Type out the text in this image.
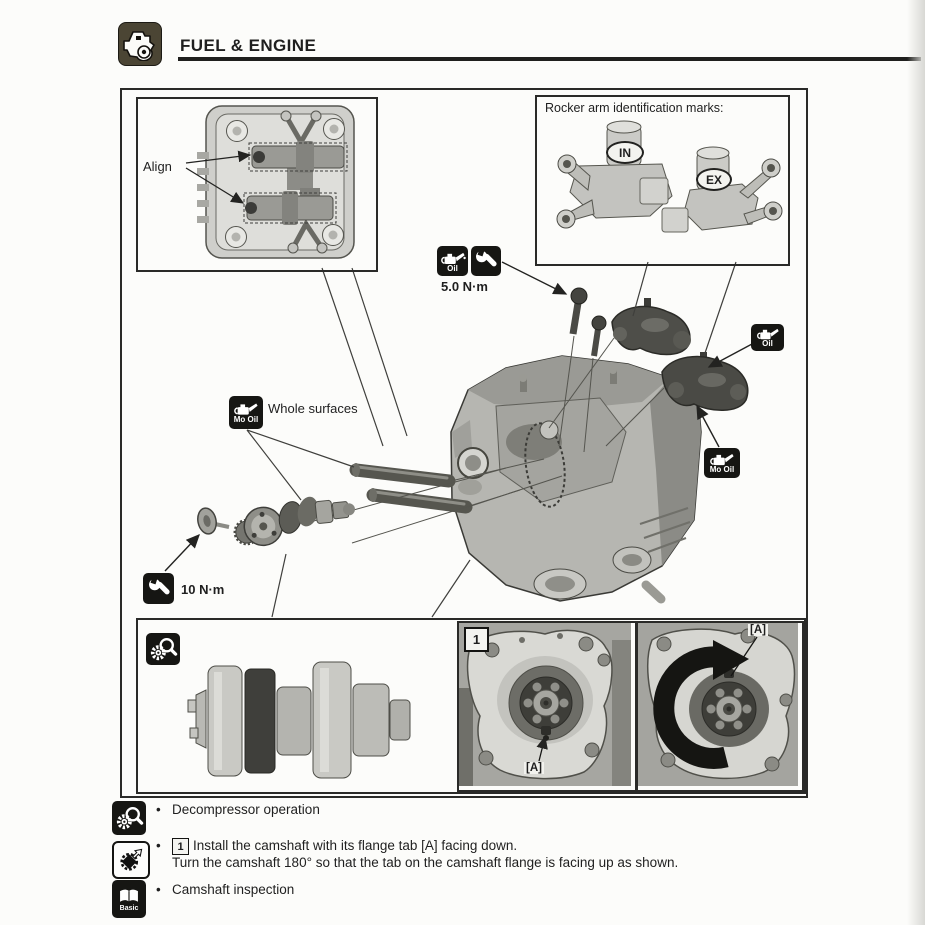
FUEL & ENGINE
Align
Rocker arm identification marks:
IN
EX
Oil
5.0 N·m
Oil
Mo Oil
Mo Oil
Whole surfaces
10 N·m
1
[A]
[A]
• Decompressor operation
•	1 Install the camshaft with its flange tab [A] facing down.
Turn the camshaft 180° so that the tab on the camshaft flange is facing up as shown.
Basic
• Camshaft inspection
